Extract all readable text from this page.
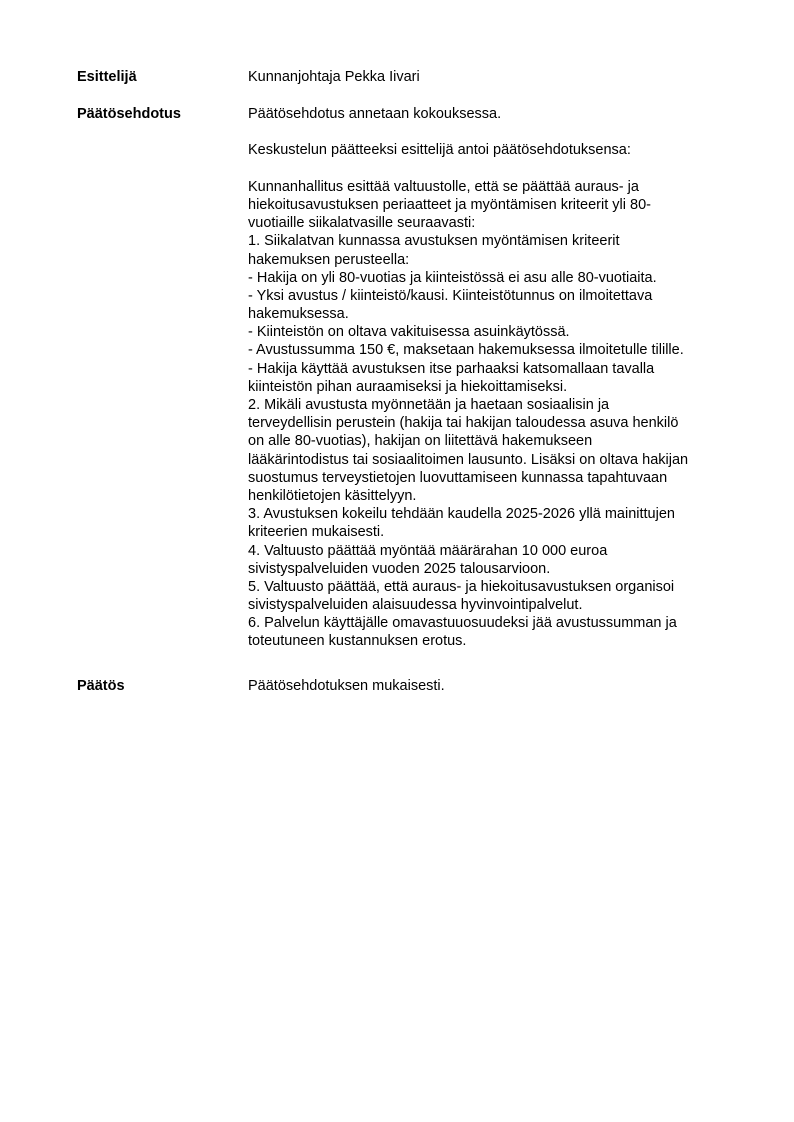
Esittelijä	Kunnanjohtaja Pekka Iivari
Päätösehdotus	Päätösehdotus annetaan kokouksessa.
Keskustelun päätteeksi esittelijä antoi päätösehdotuksensa:
Kunnanhallitus esittää valtuustolle, että se päättää auraus- ja
hiekoitusavustuksen periaatteet ja myöntämisen kriteerit yli 80-
vuotiaille siikalatvasille seuraavasti:
1. Siikalatvan kunnassa avustuksen myöntämisen kriteerit
hakemuksen perusteella:
- Hakija on yli 80-vuotias ja kiinteistössä ei asu alle 80-vuotiaita.
- Yksi avustus / kiinteistö/kausi. Kiinteistötunnus on ilmoitettava
hakemuksessa.
- Kiinteistön on oltava vakituisessa asuinkäytössä.
- Avustussumma 150 €, maksetaan hakemuksessa ilmoitetulle tilille.
- Hakija käyttää avustuksen itse parhaaksi katsomallaan tavalla
kiinteistön pihan auraamiseksi ja hiekoittamiseksi.
2. Mikäli avustusta myönnetään ja haetaan sosiaalisin ja
terveydellisin perustein (hakija tai hakijan taloudessa asuva henkilö
on alle 80-vuotias), hakijan on liitettävä hakemukseen
lääkärintodistus tai sosiaalitoimen lausunto. Lisäksi on oltava hakijan
suostumus terveystietojen luovuttamiseen kunnassa tapahtuvaan
henkilötietojen käsittelyyn.
3. Avustuksen kokeilu tehdään kaudella 2025-2026 yllä mainittujen
kriteerien mukaisesti.
4. Valtuusto päättää myöntää määrärahan 10 000 euroa
sivistyspalveluiden vuoden 2025 talousarvioon.
5. Valtuusto päättää, että auraus- ja hiekoitusavustuksen organisoi
sivistyspalveluiden alaisuudessa hyvinvointipalvelut.
6. Palvelun käyttäjälle omavastuuosuudeksi jää avustussumman ja
toteutuneen kustannuksen erotus.
Päätös	Päätösehdotuksen mukaisesti.
